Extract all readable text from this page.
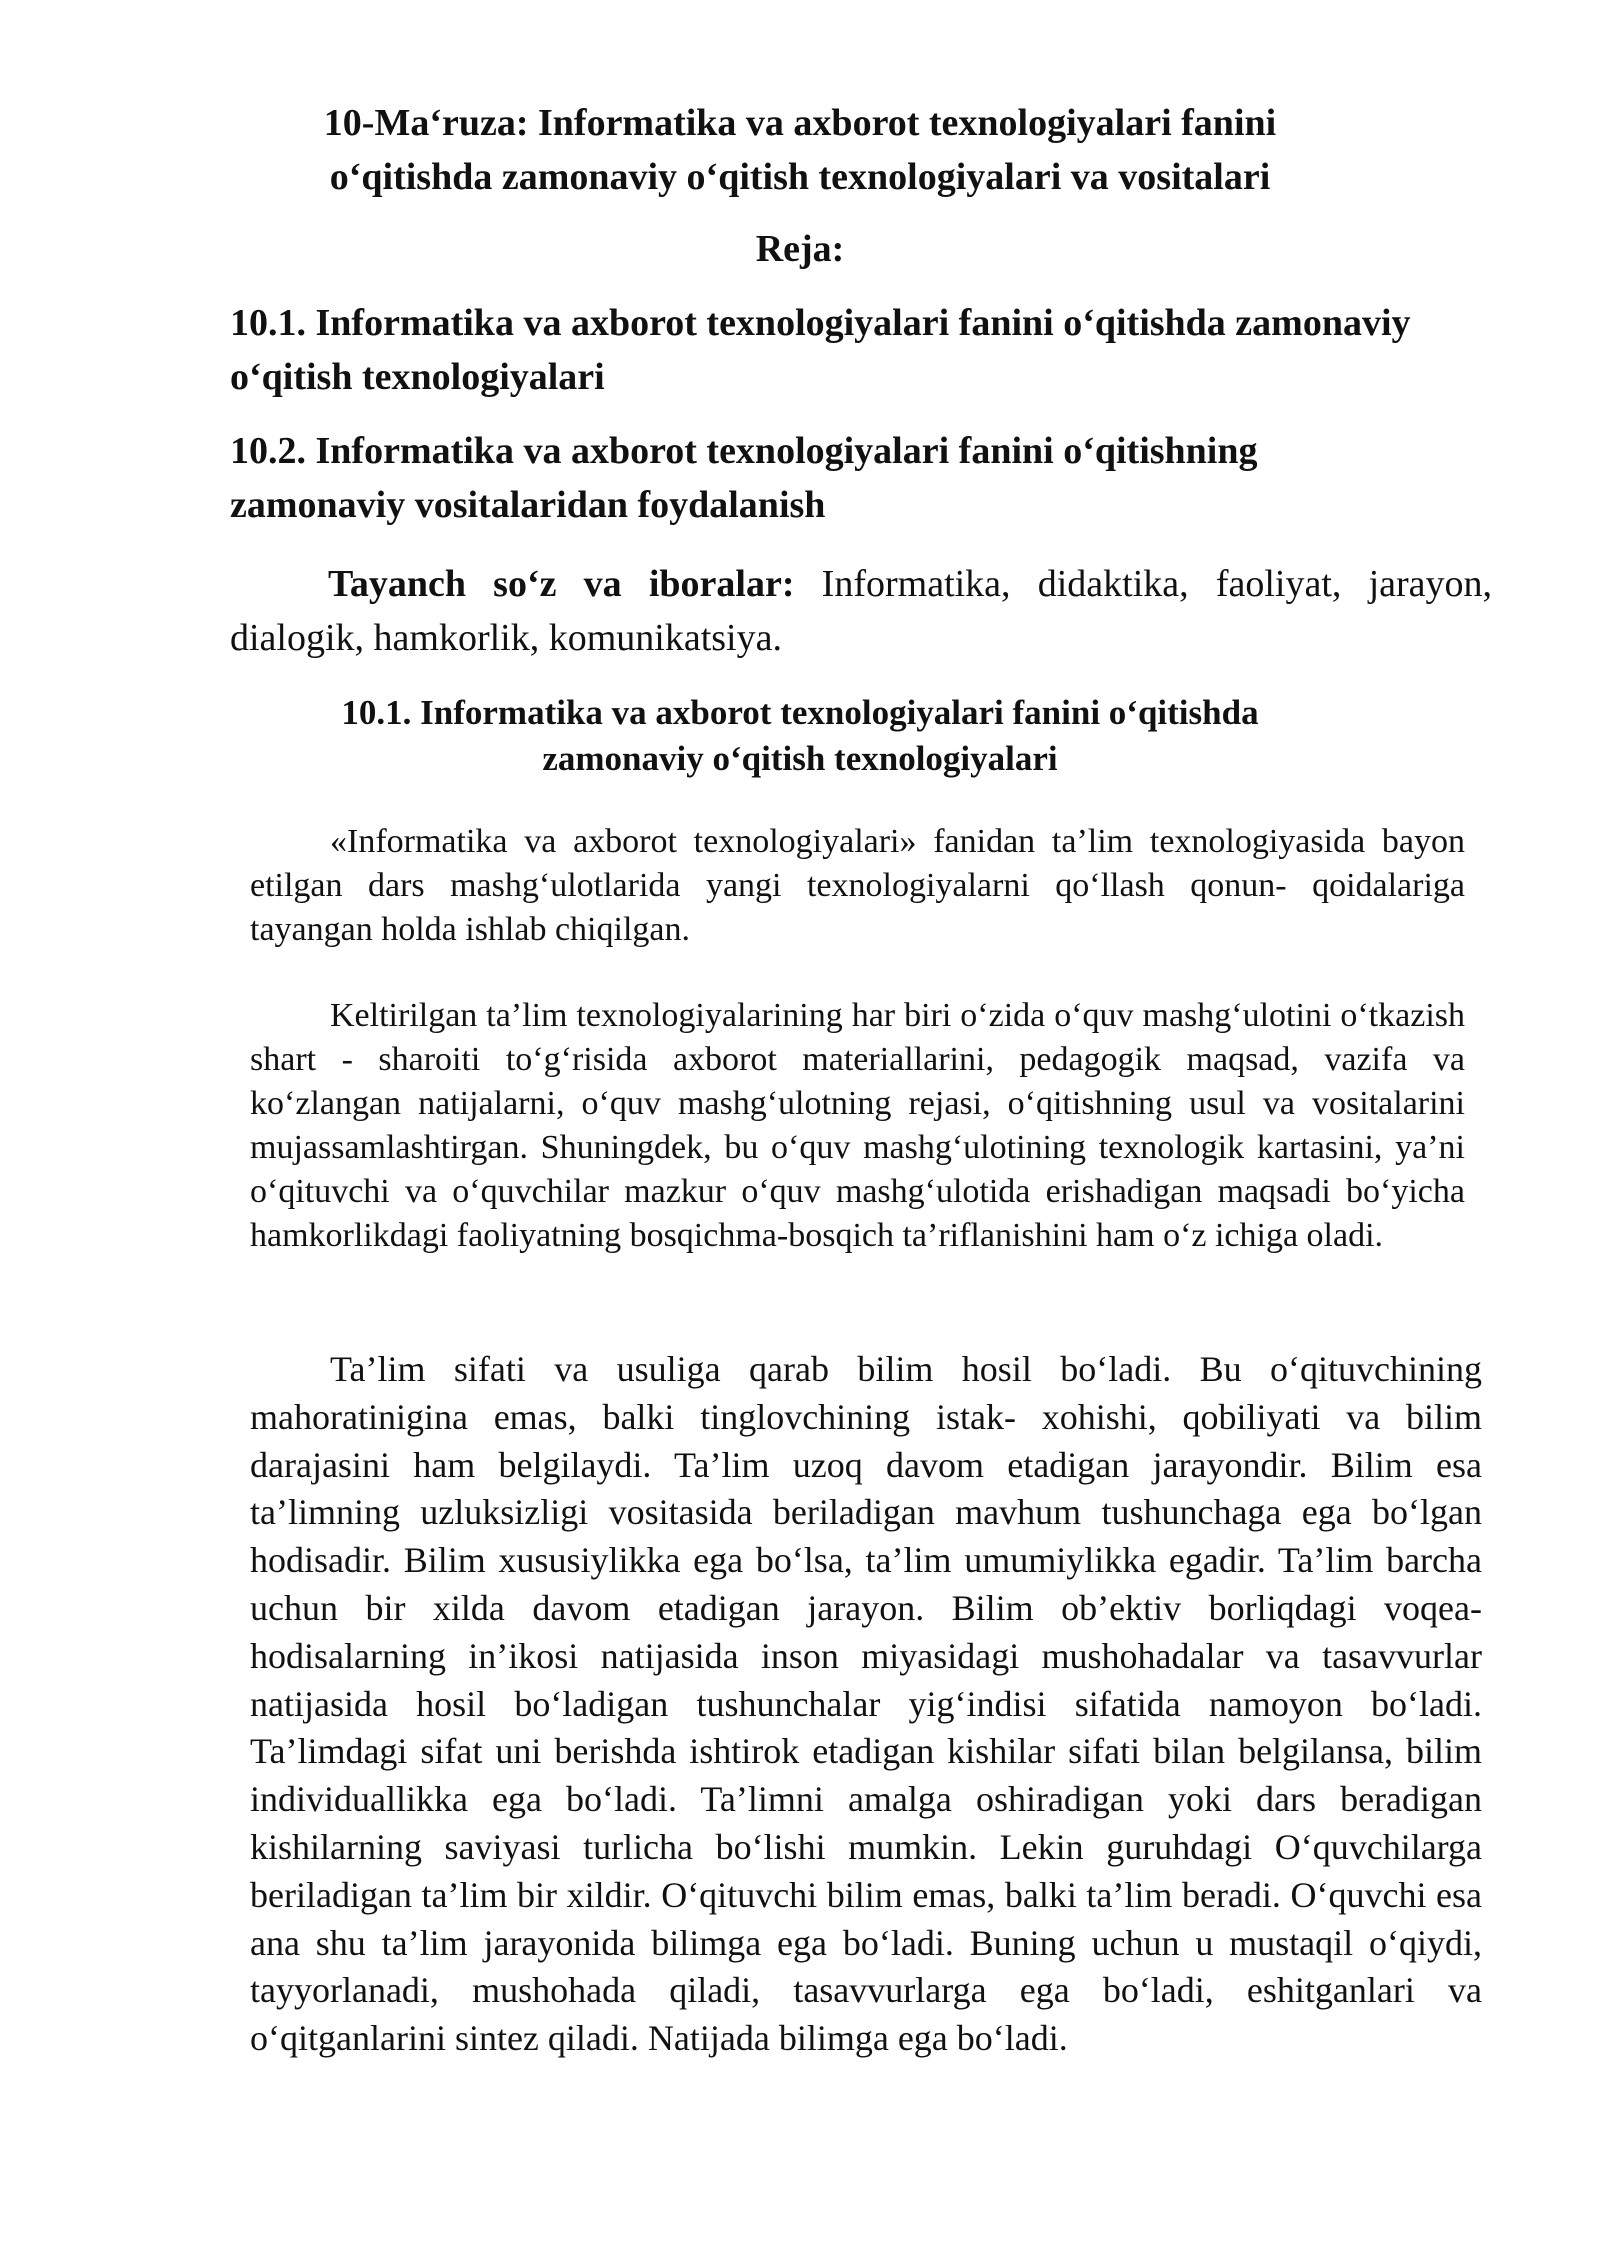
10-Ma‘ruza: Informatika va axborot texnologiyalari fanini
o‘qitishda zamonaviy o‘qitish texnologiyalari va vositalari
Reja:

10.1. Informatika va axborot texnologiyalari fanini o‘qitishda zamonaviy o‘qitish texnologiyalari

10.2. Informatika va axborot texnologiyalari fanini o‘qitishning zamonaviy vositalaridan foydalanish

Tayanch so‘z va iboralar: Informatika, didaktika, faoliyat, jarayon, dialogik, hamkorlik, komunikatsiya.

10.1. Informatika va axborot texnologiyalari fanini o‘qitishda
zamonaviy o‘qitish texnologiyalari

«Informatika va axborot texnologiyalari» fanidan ta’lim texnologiyasida bayon etilgan dars mashg‘ulotlarida yangi texnologiyalarni qo‘llash qonun- qoidalariga tayangan holda ishlab chiqilgan.

Keltirilgan ta’lim texnologiyalarining har biri o‘zida o‘quv mashg‘ulotini o‘tkazish shart - sharoiti to‘g‘risida axborot materiallarini, pedagogik maqsad, vazifa va ko‘zlangan natijalarni, o‘quv mashg‘ulotning rejasi, o‘qitishning usul va vositalarini mujassamlashtirgan. Shuningdek, bu o‘quv mashg‘ulotining texnologik kartasini, ya’ni o‘qituvchi va o‘quvchilar mazkur o‘quv mashg‘ulotida erishadigan maqsadi bo‘yicha hamkorlikdagi faoliyatning bosqichma-bosqich ta’riflanishini ham o‘z ichiga oladi.

Ta’lim sifati va usuliga qarab bilim hosil bo‘ladi. Bu o‘qituvchining mahoratinigina emas, balki tinglovchining istak- xohishi, qobiliyati va bilim darajasini ham belgilaydi. Ta’lim uzoq davom etadigan jarayondir. Bilim esa ta’limning uzluksizligi vositasida beriladigan mavhum tushunchaga ega bo‘lgan hodisadir. Bilim xususiylikka ega bo‘lsa, ta’lim umumiylikka egadir. Ta’lim barcha uchun bir xilda davom etadigan jarayon. Bilim ob’ektiv borliqdagi voqea- hodisalarning in’ikosi natijasida inson miyasidagi mushohadalar va tasavvurlar natijasida hosil bo‘ladigan tushunchalar yig‘indisi sifatida namoyon bo‘ladi. Ta’limdagi sifat uni berishda ishtirok etadigan kishilar sifati bilan belgilansa, bilim individuallikka ega bo‘ladi. Ta’limni amalga oshiradigan yoki dars beradigan kishilarning saviyasi turlicha bo‘lishi mumkin. Lekin guruhdagi O‘quvchilarga beriladigan ta’lim bir xildir. O‘qituvchi bilim emas, balki ta’lim beradi. O‘quvchi esa ana shu ta’lim jarayonida bilimga ega bo‘ladi. Buning uchun u mustaqil o‘qiydi, tayyorlanadi, mushohada qiladi, tasavvurlarga ega bo‘ladi, eshitganlari va o‘qitganlarini sintez qiladi. Natijada bilimga ega bo‘ladi.
